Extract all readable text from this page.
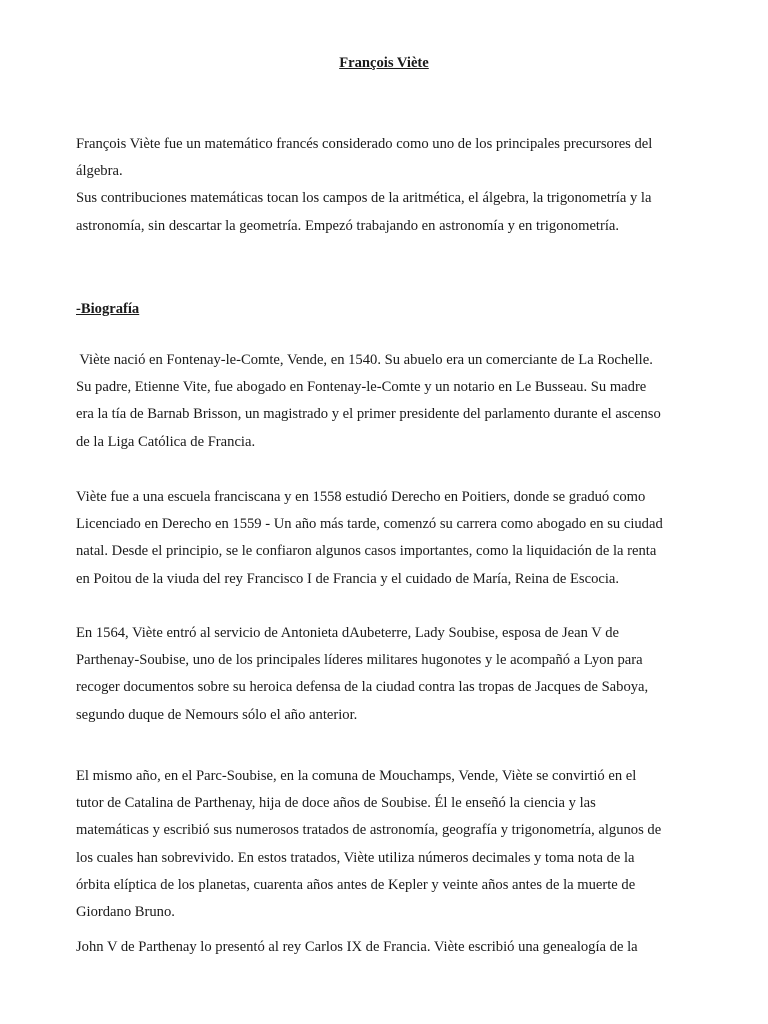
François Viète

François Viète fue un matemático francés considerado como uno de los principales precursores del
álgebra.
Sus contribuciones matemáticas tocan los campos de la aritmética, el álgebra, la trigonometría y la
astronomía, sin descartar la geometría. Empezó trabajando en astronomía y en trigonometría.

-Biografía

Viète nació en Fontenay-le-Comte, Vende, en 1540. Su abuelo era un comerciante de La Rochelle.
Su padre, Etienne Vite, fue abogado en Fontenay-le-Comte y un notario en Le Busseau. Su madre
era la tía de Barnab Brisson, un magistrado y el primer presidente del parlamento durante el ascenso
de la Liga Católica de Francia.

Viète fue a una escuela franciscana y en 1558 estudió Derecho en Poitiers, donde se graduó como
Licenciado en Derecho en 1559 - Un año más tarde, comenzó su carrera como abogado en su ciudad
natal. Desde el principio, se le confiaron algunos casos importantes, como la liquidación de la renta
en Poitou de la viuda del rey Francisco I de Francia y el cuidado de María, Reina de Escocia.

En 1564, Viète entró al servicio de Antonieta dAubeterre, Lady Soubise, esposa de Jean V de
Parthenay-Soubise, uno de los principales líderes militares hugonotes y le acompañó a Lyon para
recoger documentos sobre su heroica defensa de la ciudad contra las tropas de Jacques de Saboya,
segundo duque de Nemours sólo el año anterior.

El mismo año, en el Parc-Soubise, en la comuna de Mouchamps, Vende, Viète se convirtió en el
tutor de Catalina de Parthenay, hija de doce años de Soubise. Él le enseñó la ciencia y las
matemáticas y escribió sus numerosos tratados de astronomía, geografía y trigonometría, algunos de
los cuales han sobrevivido. En estos tratados, Viète utiliza números decimales y toma nota de la
órbita elíptica de los planetas, cuarenta años antes de Kepler y veinte años antes de la muerte de
Giordano Bruno.

John V de Parthenay lo presentó al rey Carlos IX de Francia. Viète escribió una genealogía de la
